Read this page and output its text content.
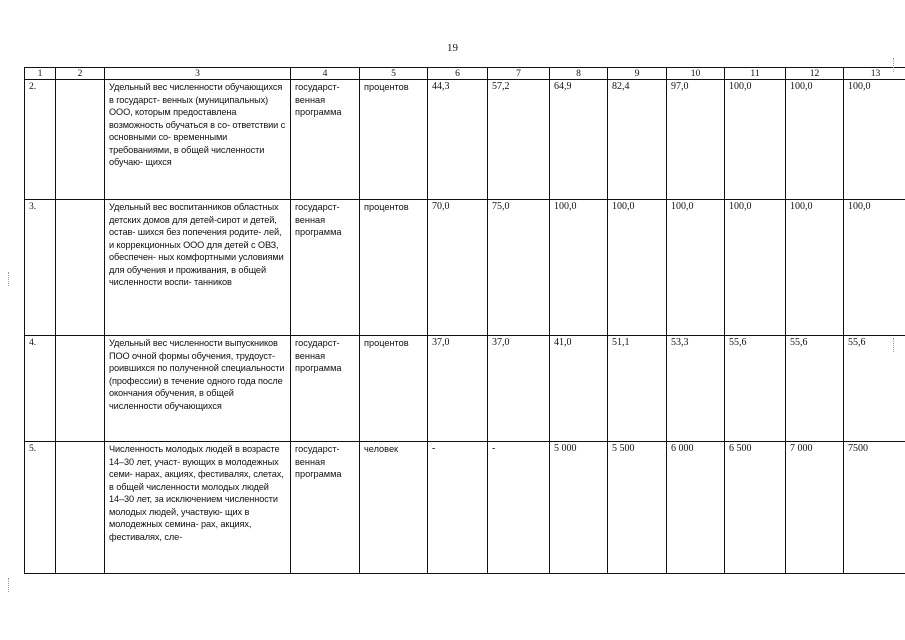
19
1	2	3	4	5	6	7	8	9	10	11	12	13
2.		Удельный вес численности обучающихся в государст- венных (муниципальных) ООО, которым предоставлена возможность обучаться в со- ответствии с основными со- временными требованиями, в общей численности обучаю- щихся	государст- венная программа	процентов	44,3	57,2	64,9	82,4	97,0	100,0	100,0	100,0
3.		Удельный вес воспитанников областных детских домов для детей-сирот и детей, остав- шихся без попечения родите- лей, и коррекционных ООО для детей с ОВЗ, обеспечен- ных комфортными условиями для обучения и проживания, в общей численности воспи- танников	государст- венная программа	процентов	70,0	75,0	100,0	100,0	100,0	100,0	100,0	100,0
4.		Удельный вес численности выпускников ПОО очной формы обучения, трудоуст- роившихся по полученной специальности (профессии) в течение одного года после окончания обучения, в общей численности обучающихся	государст- венная программа	процентов	37,0	37,0	41,0	51,1	53,3	55,6	55,6	55,6
5.		Численность молодых людей в возрасте 14–30 лет, участ- вующих в молодежных семи- нарах, акциях, фестивалях, слетах, в общей численности молодых людей 14–30 лет, за исключением численности молодых людей, участвую- щих в молодежных семина- рах, акциях, фестивалях, сле-	государст- венная программа	человек	-	-	5 000	5 500	6 000	6 500	7 000	7500
